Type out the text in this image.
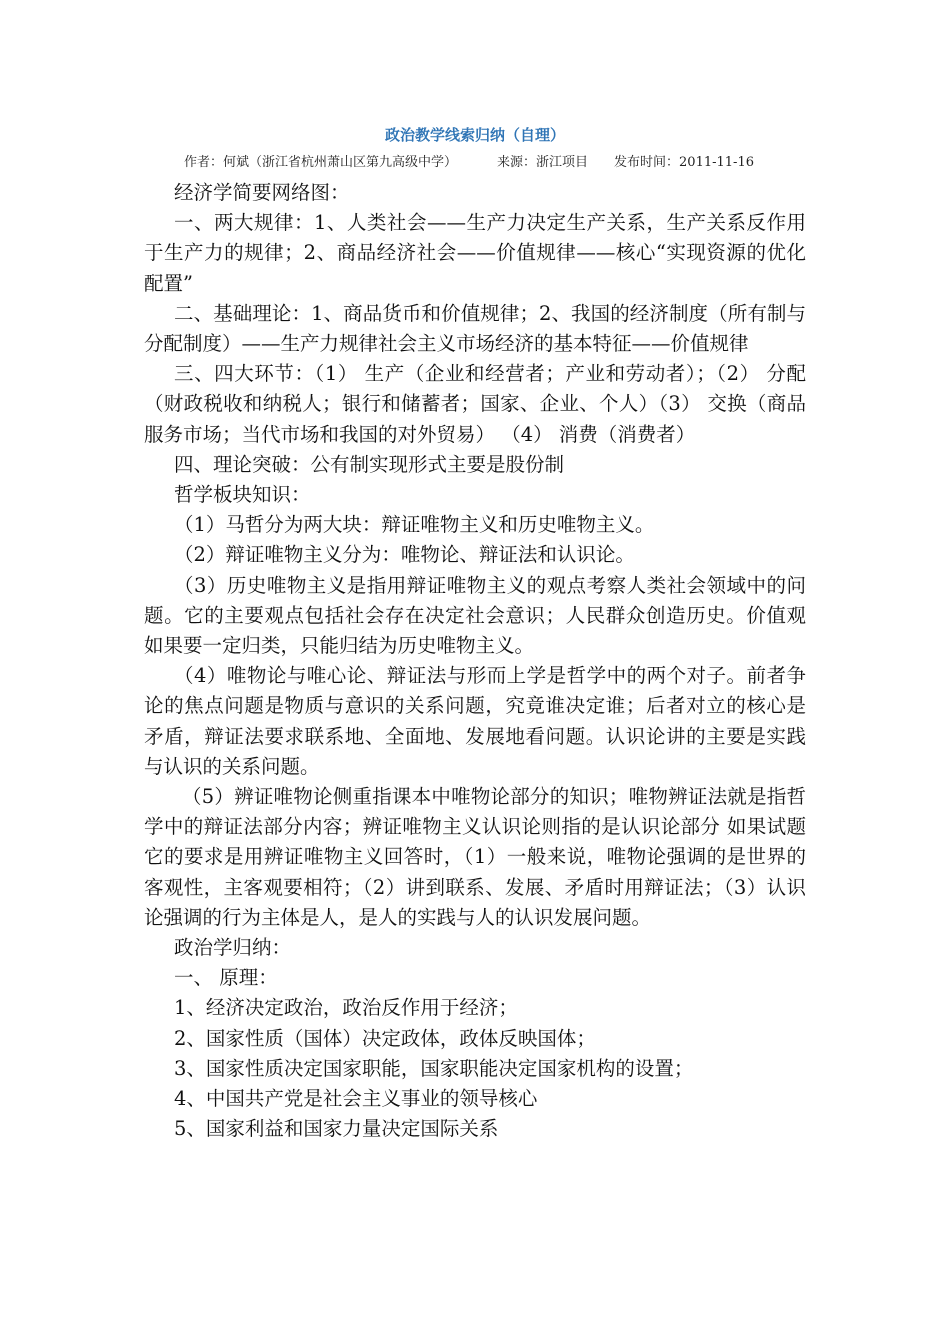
政治教学线索归纳（自理）
作者：何斌（浙江省杭州萧山区第九高级中学）	来源：浙江项目 发布时间：2011-11-16

经济学简要网络图：

一、两大规律：1、人类社会——生产力决定生产关系，生产关系反作用于生产力的规律；2、商品经济社会——价值规律——核心“实现资源的优化配置”

二、基础理论：1、商品货币和价值规律；2、我国的经济制度（所有制与分配制度）——生产力规律社会主义市场经济的基本特征——价值规律

三、四大环节：（1） 生产（企业和经营者；产业和劳动者）；（2） 分配（财政税收和纳税人；银行和储蓄者；国家、企业、个人）（3） 交换（商品服务市场；当代市场和我国的对外贸易） （4） 消费（消费者）

四、理论突破：公有制实现形式主要是股份制

哲学板块知识：

（1）马哲分为两大块：辩证唯物主义和历史唯物主义。

（2）辩证唯物主义分为：唯物论、辩证法和认识论。

（3）历史唯物主义是指用辩证唯物主义的观点考察人类社会领域中的问题。它的主要观点包括社会存在决定社会意识；人民群众创造历史。价值观如果要一定归类，只能归结为历史唯物主义。

（4）唯物论与唯心论、辩证法与形而上学是哲学中的两个对子。前者争论的焦点问题是物质与意识的关系问题，究竟谁决定谁；后者对立的核心是矛盾，辩证法要求联系地、全面地、发展地看问题。认识论讲的主要是实践与认识的关系问题。

（5）辨证唯物论侧重指课本中唯物论部分的知识；唯物辨证法就是指哲学中的辩证法部分内容；辨证唯物主义认识论则指的是认识论部分 如果试题它的要求是用辨证唯物主义回答时，（1）一般来说，唯物论强调的是世界的客观性，主客观要相符；（2）讲到联系、发展、矛盾时用辩证法；（3）认识论强调的行为主体是人，是人的实践与人的认识发展问题。

政治学归纳：

一、 原理：

1、经济决定政治，政治反作用于经济；

2、国家性质（国体）决定政体，政体反映国体；

3、国家性质决定国家职能，国家职能决定国家机构的设置；

4、中国共产党是社会主义事业的领导核心

5、国家利益和国家力量决定国际关系
